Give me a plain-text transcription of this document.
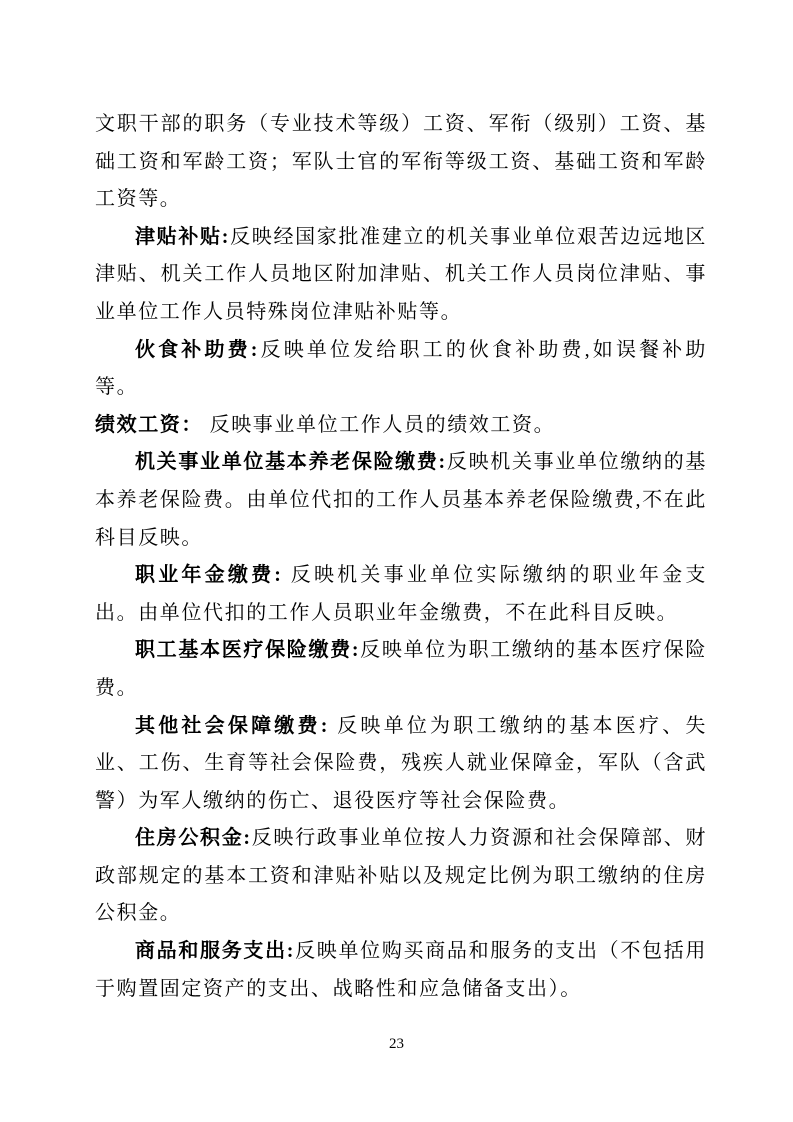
文职干部的职务（专业技术等级）工资、军衔（级别）工资、基础工资和军龄工资；军队士官的军衔等级工资、基础工资和军龄工资等。

津贴补贴:反映经国家批准建立的机关事业单位艰苦边远地区津贴、机关工作人员地区附加津贴、机关工作人员岗位津贴、事业单位工作人员特殊岗位津贴补贴等。

伙食补助费:反映单位发给职工的伙食补助费,如误餐补助等。

绩效工资： 反映事业单位工作人员的绩效工资。

机关事业单位基本养老保险缴费:反映机关事业单位缴纳的基本养老保险费。由单位代扣的工作人员基本养老保险缴费,不在此科目反映。

职业年金缴费: 反映机关事业单位实际缴纳的职业年金支出。由单位代扣的工作人员职业年金缴费，不在此科目反映。

职工基本医疗保险缴费:反映单位为职工缴纳的基本医疗保险费。

其他社会保障缴费: 反映单位为职工缴纳的基本医疗、失业、工伤、生育等社会保险费，残疾人就业保障金，军队（含武警）为军人缴纳的伤亡、退役医疗等社会保险费。

住房公积金:反映行政事业单位按人力资源和社会保障部、财政部规定的基本工资和津贴补贴以及规定比例为职工缴纳的住房公积金。

商品和服务支出:反映单位购买商品和服务的支出（不包括用于购置固定资产的支出、战略性和应急储备支出）。

23
